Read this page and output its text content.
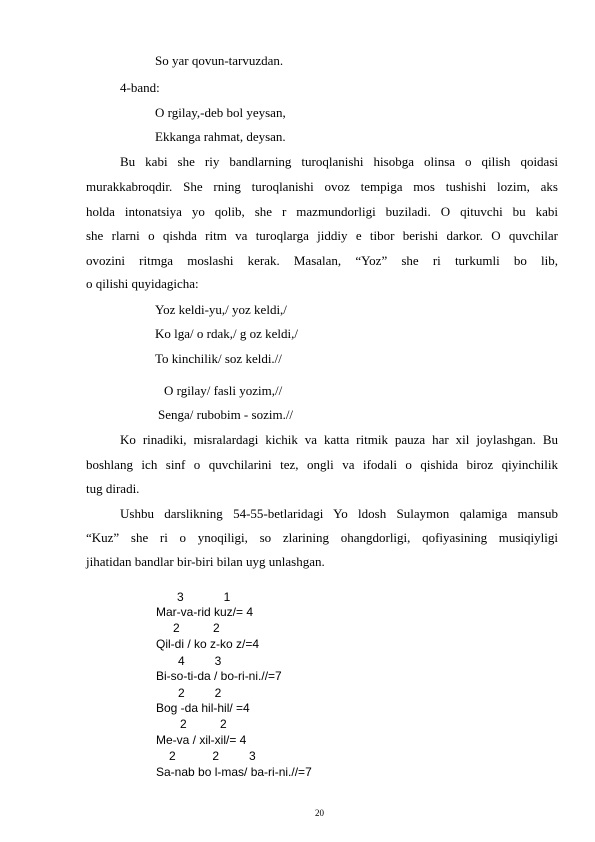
So yar qovun-tarvuzdan.
4-band:
O rgilay,-deb bol yeysan,
Ekkanga rahmat, deysan.
Bu kabi she riy bandlarning turoqlanishi hisobga olinsa o qilish qoidasi
murakkabroqdir. She rning turoqlanishi ovoz tempiga mos tushishi lozim, aks
holda intonatsiya yo qolib, she r mazmundorligi buziladi. O qituvchi bu kabi
she rlarni o qishda ritm va turoqlarga jiddiy e tibor berishi darkor. O quvchilar
ovozini ritmga moslashi kerak. Masalan, “Yoz” she ri turkumli bo lib,
o qilishi quyidagicha:
Yoz keldi-yu,/ yoz keldi,/
Ko lga/ o rdak,/ g oz keldi,/
To kinchilik/ soz keldi.//
O rgilay/ fasli yozim,//
Senga/ rubobim - sozim.//
Ko rinadiki, misralardagi kichik va katta ritmik pauza har xil joylashgan. Bu
boshlang ich sinf o quvchilarini tez, ongli va ifodali o qishida biroz qiyinchilik
tug diradi.
Ushbu darslikning 54-55-betlaridagi Yo ldosh Sulaymon qalamiga mansub
“Kuz” she ri o ynoqiligi, so zlarining ohangdorligi, qofiyasining musiqiyligi
jihatidan bandlar bir-biri bilan uyg unlashgan.
3            1
Mar-va-rid kuz/= 4
2          2
Qil-di / ko z-ko z/=4
4         3
Bi-so-ti-da / bo-ri-ni.//=7
2         2
Bog -da hil-hil/ =4
2          2
Me-va / xil-xil/= 4
2           2         3
Sa-nab bo l-mas/ ba-ri-ni.//=7
20
